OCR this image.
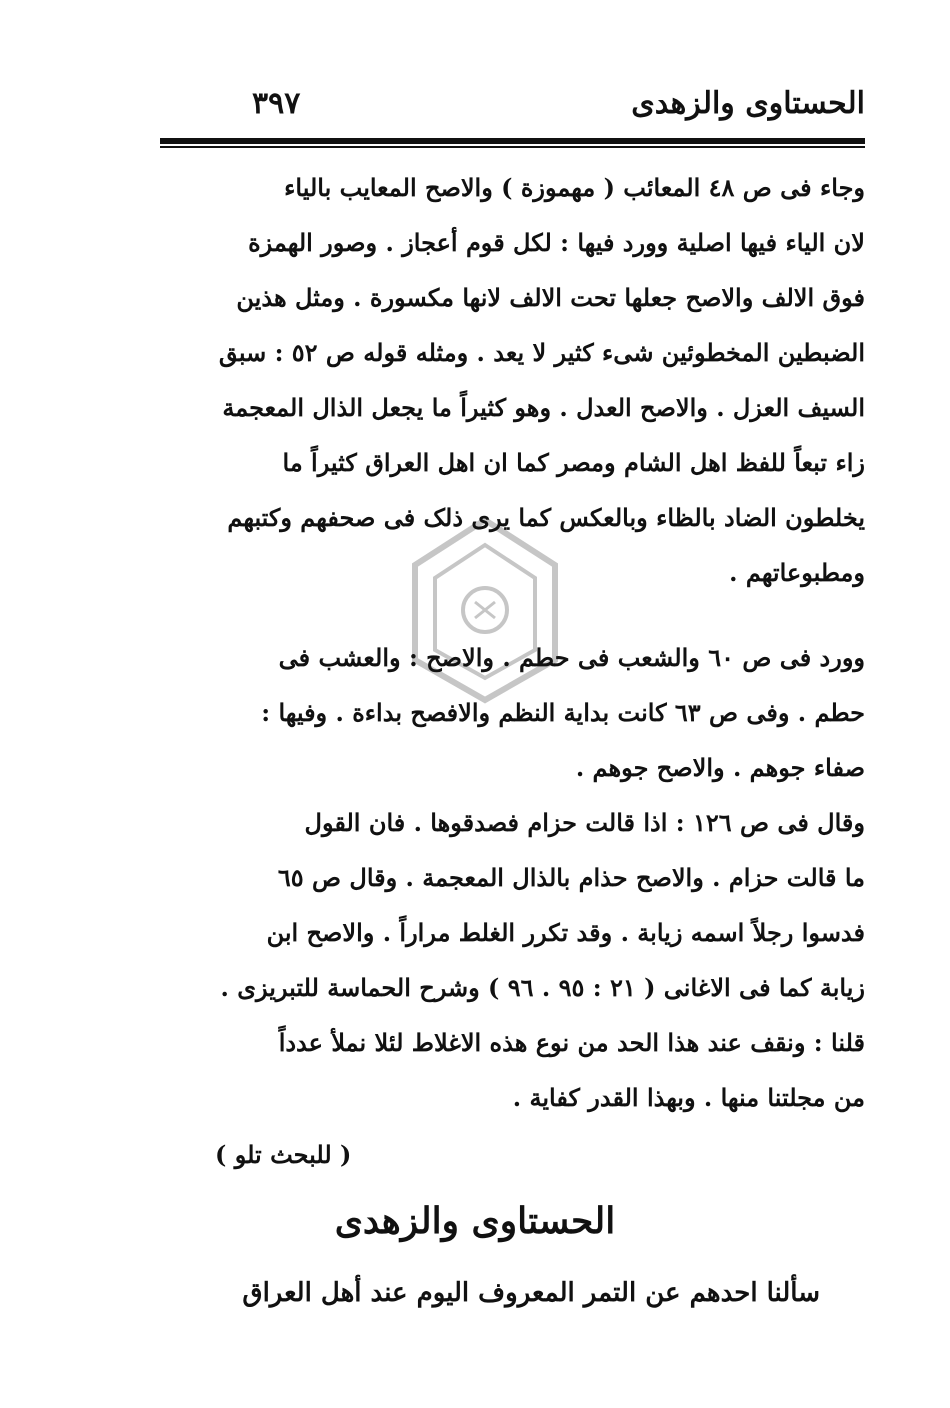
الحستاوی والزهدی
٣٩٧
وجاء فی ص ٤٨ المعائب ( مهموزة ) والاصح المعایب بالیاء
لان الیاء فیها اصلیة وورد فیها : لکل قوم أعجاز . وصور الهمزة
فوق الالف والاصح جعلها تحت الالف لانها مکسورة . ومثل هذین
الضبطین المخطوئین شیء کثیر لا یعد . ومثله قوله ص ٥٢ : سبق
السیف العزل . والاصح العدل . وهو کثیراً ما یجعل الذال المعجمة
زاء تبعاً للفظ اهل الشام ومصر کما ان اهل العراق کثیراً ما
یخلطون الضاد بالظاء وبالعکس کما یری ذلک فی صحفهم وکتبهم
ومطبوعاتهم .
وورد فی ص ٦٠ والشعب فی حطم . والاصح : والعشب فی
حطم . وفی ص ٦٣ کانت بدایة النظم والافصح بداءة . وفیها :
صفاء جوهم . والاصح جوهم .
وقال فی ص ١٢٦ : اذا قالت حزام فصدقوها . فان القول
ما قالت حزام . والاصح حذام بالذال المعجمة . وقال ص ٦٥
فدسوا رجلاً اسمه زیابة . وقد تکرر الغلط مراراً . والاصح ابن
زیابة کما فی الاغانی ( ٢١ : ٩٥ . ٩٦ ) وشرح الحماسة للتبریزی .
قلنا : ونقف عند هذا الحد من نوع هذه الاغلاط لئلا نملأ عدداً
من مجلتنا منها . وبهذا القدر کفایة .
( للبحث تلو )
الحستاوی والزهدی
سألنا احدهم عن التمر المعروف الیوم عند أهل العراق
